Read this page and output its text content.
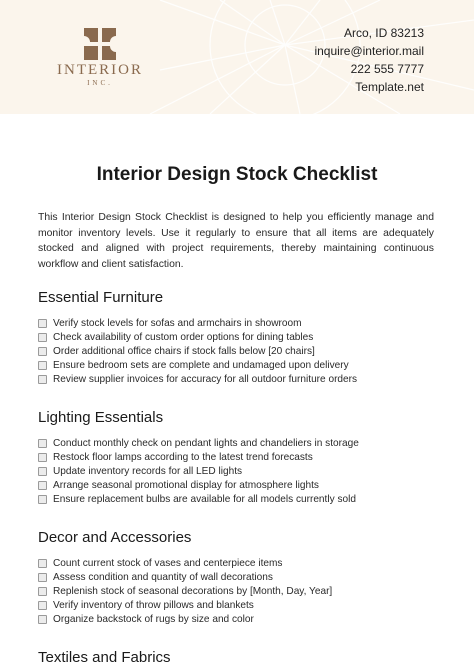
INTERIOR
INC.
Arco, ID 83213
inquire@interior.mail
222 555 7777
Template.net
Interior Design Stock Checklist

This Interior Design Stock Checklist is designed to help you efficiently manage and monitor inventory levels. Use it regularly to ensure that all items are adequately stocked and aligned with project requirements, thereby maintaining continuous workflow and client satisfaction.

Essential Furniture
Verify stock levels for sofas and armchairs in showroom
Check availability of custom order options for dining tables
Order additional office chairs if stock falls below [20 chairs]
Ensure bedroom sets are complete and undamaged upon delivery
Review supplier invoices for accuracy for all outdoor furniture orders
Lighting Essentials
Conduct monthly check on pendant lights and chandeliers in storage
Restock floor lamps according to the latest trend forecasts
Update inventory records for all LED lights
Arrange seasonal promotional display for atmosphere lights
Ensure replacement bulbs are available for all models currently sold
Decor and Accessories
Count current stock of vases and centerpiece items
Assess condition and quantity of wall decorations
Replenish stock of seasonal decorations by [Month, Day, Year]
Verify inventory of throw pillows and blankets
Organize backstock of rugs by size and color
Textiles and Fabrics
